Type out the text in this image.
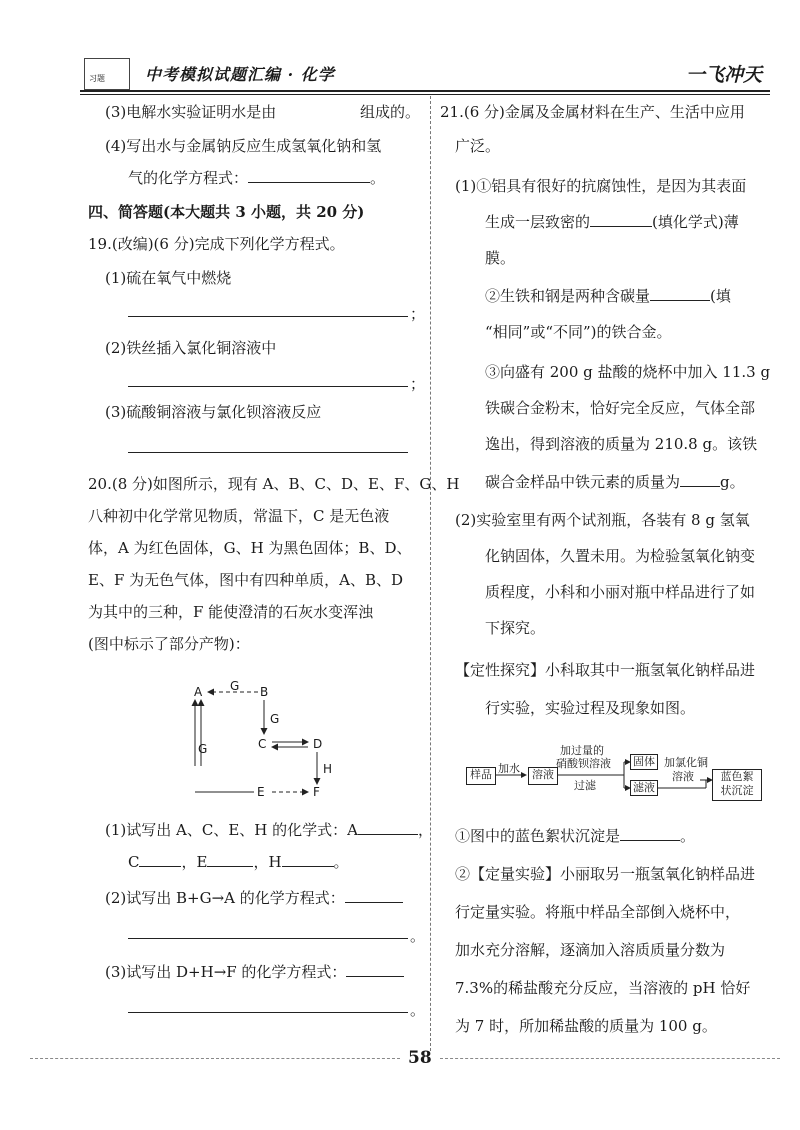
习题	中考模拟试题汇编 · 化学	一飞冲天
(3)电解水实验证明水是由	组成的。
(4)写出水与金属钠反应生成氢氧化钠和氢
气的化学方程式：	。
四、简答题(本大题共 3 小题，共 20 分)
19.(改编)(6 分)完成下列化学方程式。
(1)硫在氧气中燃烧
；
(2)铁丝插入氯化铜溶液中
；
(3)硫酸铜溶液与氯化钡溶液反应
20.(8 分)如图所示，现有 A、B、C、D、E、F、G、H
八种初中化学常见物质，常温下，C 是无色液
体，A 为红色固体，G、H 为黑色固体；B、D、
E、F 为无色气体，图中有四种单质，A、B、D
为其中的三种，F 能使澄清的石灰水变浑浊
(图中标示了部分产物)：
A G B
G
G
C	D
H
E	F
(1)试写出 A、C、E、H 的化学式：A	，
C	，E	，H	。
(2)试写出 B+G→A 的化学方程式：
。
(3)试写出 D+H→F 的化学方程式：
。
21.(6 分)金属及金属材料在生产、生活中应用
广泛。
(1)①铝具有很好的抗腐蚀性，是因为其表面
生成一层致密的	(填化学式)薄
膜。
②生铁和钢是两种含碳量	(填
“相同”或“不同”)的铁合金。
③向盛有 200 g 盐酸的烧杯中加入 11.3 g
铁碳合金粉末，恰好完全反应，气体全部
逸出，得到溶液的质量为 210.8 g。该铁
碳合金样品中铁元素的质量为	g。
(2)实验室里有两个试剂瓶，各装有 8 g 氢氧
化钠固体，久置未用。为检验氢氧化钠变
质程度，小科和小丽对瓶中样品进行了如
下探究。
【定性探究】小科取其中一瓶氢氧化钠样品进
行实验，实验过程及现象如图。
样品 加水	溶液
加过量的
硝酸钡溶液
过滤
固体
滤液
加氯化铜
溶液	蓝色絮
状沉淀
①图中的蓝色絮状沉淀是	。
②【定量实验】小丽取另一瓶氢氧化钠样品进
行定量实验。将瓶中样品全部倒入烧杯中，
加水充分溶解，逐滴加入溶质质量分数为
7.3%的稀盐酸充分反应，当溶液的 pH 恰好
为 7 时，所加稀盐酸的质量为 100 g。
58
